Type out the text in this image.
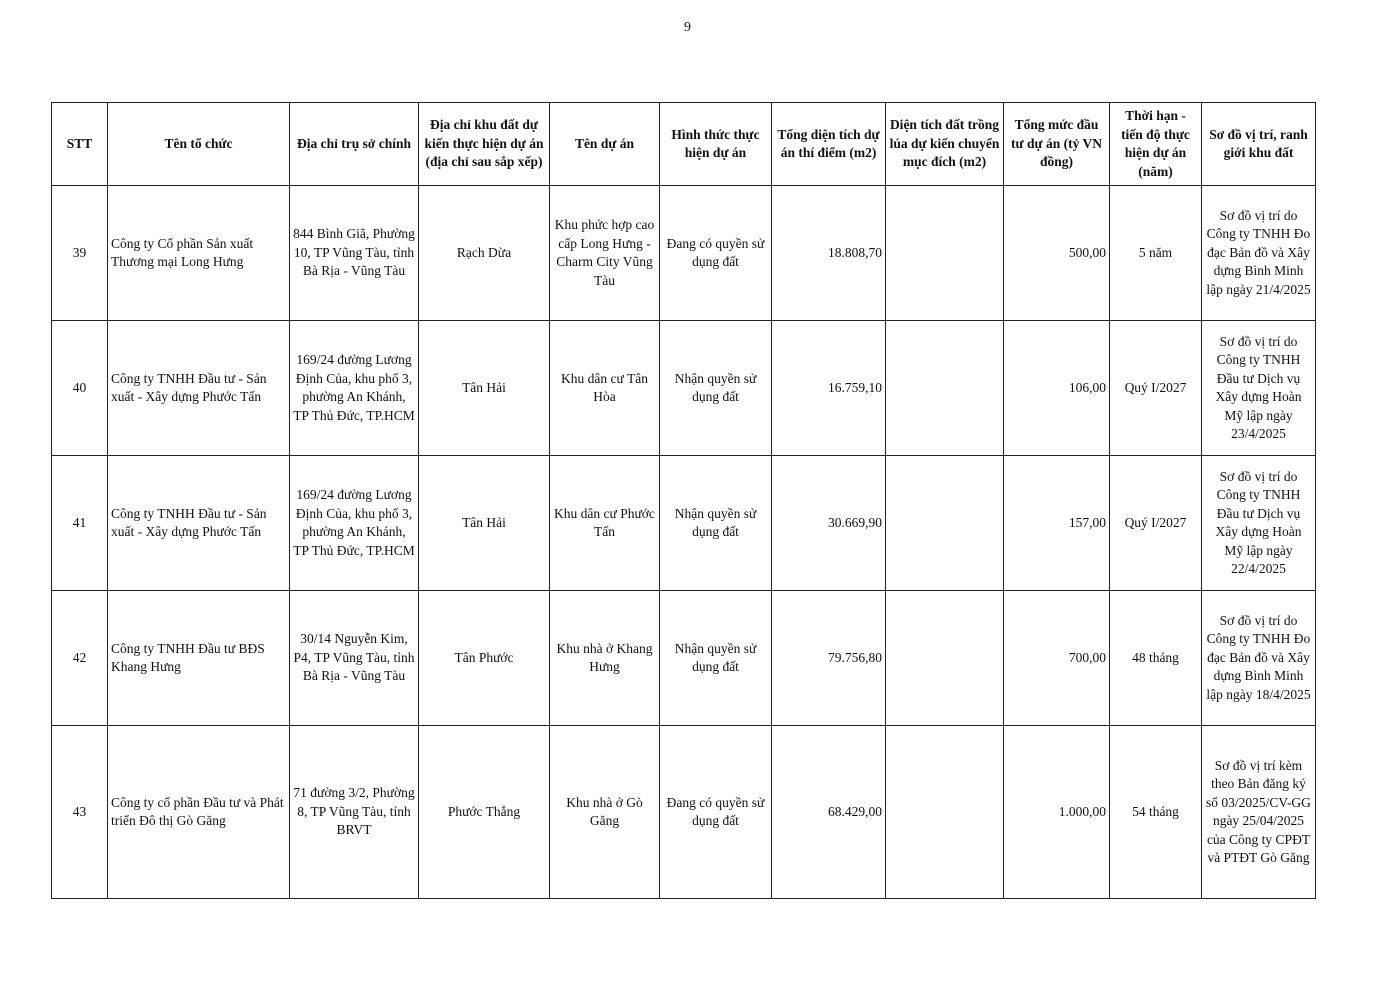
9
STT	Tên tổ chức	Địa chỉ trụ sở chính	Địa chỉ khu đất dự kiến thực hiện dự án (địa chỉ sau sắp xếp)	Tên dự án	Hình thức thực hiện dự án	Tổng diện tích dự án thí điểm (m2)	Diện tích đất trồng lúa dự kiến chuyển mục đích (m2)	Tổng mức đầu tư dự án (tỷ VN đồng)	Thời hạn - tiến độ thực hiện dự án (năm)	Sơ đồ vị trí, ranh giới khu đất
39	Công ty Cổ phần Sản xuất Thương mại Long Hưng	844 Bình Giã, Phường 10, TP Vũng Tàu, tỉnh Bà Rịa - Vũng Tàu	Rạch Dừa	Khu phức hợp cao cấp Long Hưng - Charm City Vũng Tàu	Đang có quyền sử dụng đất	18.808,70		500,00	5 năm	Sơ đồ vị trí do Công ty TNHH Đo đạc Bản đồ và Xây dựng Bình Minh lập ngày 21/4/2025
40	Công ty TNHH Đầu tư - Sản xuất - Xây dựng Phước Tấn	169/24 đường Lương Định Của, khu phố 3, phường An Khánh, TP Thủ Đức, TP.HCM	Tân Hải	Khu dân cư Tân Hòa	Nhận quyền sử dụng đất	16.759,10		106,00	Quý I/2027	Sơ đồ vị trí do Công ty TNHH Đầu tư Dịch vụ Xây dựng Hoàn Mỹ lập ngày 23/4/2025
41	Công ty TNHH Đầu tư - Sản xuất - Xây dựng Phước Tấn	169/24 đường Lương Định Của, khu phố 3, phường An Khánh, TP Thủ Đức, TP.HCM	Tân Hải	Khu dân cư Phước Tấn	Nhận quyền sử dụng đất	30.669,90		157,00	Quý I/2027	Sơ đồ vị trí do Công ty TNHH Đầu tư Dịch vụ Xây dựng Hoàn Mỹ lập ngày 22/4/2025
42	Công ty TNHH Đầu tư BĐS Khang Hưng	30/14 Nguyễn Kim, P4, TP Vũng Tàu, tỉnh Bà Rịa - Vũng Tàu	Tân Phước	Khu nhà ở Khang Hưng	Nhận quyền sử dụng đất	79.756,80		700,00	48 tháng	Sơ đồ vị trí do Công ty TNHH Đo đạc Bản đồ và Xây dựng Bình Minh lập ngày 18/4/2025
43	Công ty cổ phần Đầu tư và Phát triển Đô thị Gò Găng	71 đường 3/2, Phường 8, TP Vũng Tàu, tỉnh BRVT	Phước Thắng	Khu nhà ở Gò Găng	Đang có quyền sử dụng đất	68.429,00		1.000,00	54 tháng	Sơ đồ vị trí kèm theo Bản đăng ký số 03/2025/CV-GG ngày 25/04/2025 của Công ty CPĐT và PTĐT Gò Găng
